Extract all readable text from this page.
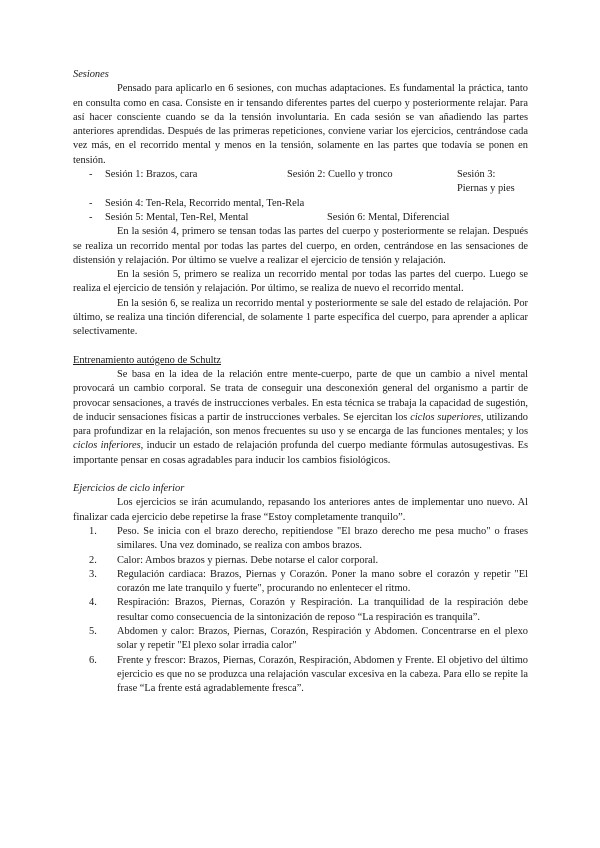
Sesiones

Pensado para aplicarlo en 6 sesiones, con muchas adaptaciones. Es fundamental la práctica, tanto en consulta como en casa. Consiste en ir tensando diferentes partes del cuerpo y posteriormente relajar. Para así hacer consciente cuando se da la tensión involuntaria. En cada sesión se van añadiendo las partes anteriores aprendidas. Después de las primeras repeticiones, conviene variar los ejercicios, centrándose cada vez más, en el recorrido mental y menos en la tensión, solamente en las partes que todavía se ponen en tensión.

- Sesión 1: Brazos, cara	Sesión 2: Cuello y tronco	Sesión 3: Piernas y pies
- Sesión 4: Ten-Rela, Recorrido mental, Ten-Rela
- Sesión 5: Mental, Ten-Rel, Mental	Sesión 6: Mental, Diferencial

En la sesión 4, primero se tensan todas las partes del cuerpo y posteriormente se relajan. Después se realiza un recorrido mental por todas las partes del cuerpo, en orden, centrándose en las sensaciones de distensión y relajación. Por último se vuelve a realizar el ejercicio de tensión y relajación.

En la sesión 5, primero se realiza un recorrido mental por todas las partes del cuerpo. Luego se realiza el ejercicio de tensión y relajación. Por último, se realiza de nuevo el recorrido mental.

En la sesión 6, se realiza un recorrido mental y posteriormente se sale del estado de relajación. Por último, se realiza una tinción diferencial, de solamente 1 parte específica del cuerpo, para aprender a aplicar selectivamente.

Entrenamiento autógeno de Schultz

Se basa en la idea de la relación entre mente-cuerpo, parte de que un cambio a nivel mental provocará un cambio corporal. Se trata de conseguir una desconexión general del organismo a partir de provocar sensaciones, a través de instrucciones verbales. En esta técnica se trabaja la capacidad de sugestión, de inducir sensaciones físicas a partir de instrucciones verbales. Se ejercitan los ciclos superiores, utilizando para profundizar en la relajación, son menos frecuentes su uso y se encarga de las funciones mentales; y los ciclos inferiores, inducir un estado de relajación profunda del cuerpo mediante fórmulas autosugestivas. Es importante pensar en cosas agradables para inducir los cambios fisiológicos.

Ejercicios de ciclo inferior

Los ejercicios se irán acumulando, repasando los anteriores antes de implementar uno nuevo. Al finalizar cada ejercicio debe repetirse la frase “Estoy completamente tranquilo”.

1. Peso. Se inicia con el brazo derecho, repitiendose "El brazo derecho me pesa mucho" o frases similares. Una vez dominado, se realiza con ambos brazos.
2. Calor: Ambos brazos y piernas. Debe notarse el calor corporal.
3. Regulación cardiaca: Brazos, Piernas y Corazón. Poner la mano sobre el corazón y repetir "El corazón me late tranquilo y fuerte", procurando no enlentecer el ritmo.
4. Respiración: Brazos, Piernas, Corazón y Respiración. La tranquilidad de la respiración debe resultar como consecuencia de la sintonización de reposo “La respiración es tranquila”.
5. Abdomen y calor: Brazos, Piernas, Corazón, Respiración y Abdomen. Concentrarse en el plexo solar y repetir "El plexo solar irradia calor"
6. Frente y frescor: Brazos, Piernas, Corazón, Respiración, Abdomen y Frente. El objetivo del último ejercicio es que no se produzca una relajación vascular excesiva en la cabeza. Para ello se repite la frase “La frente está agradablemente fresca”.
